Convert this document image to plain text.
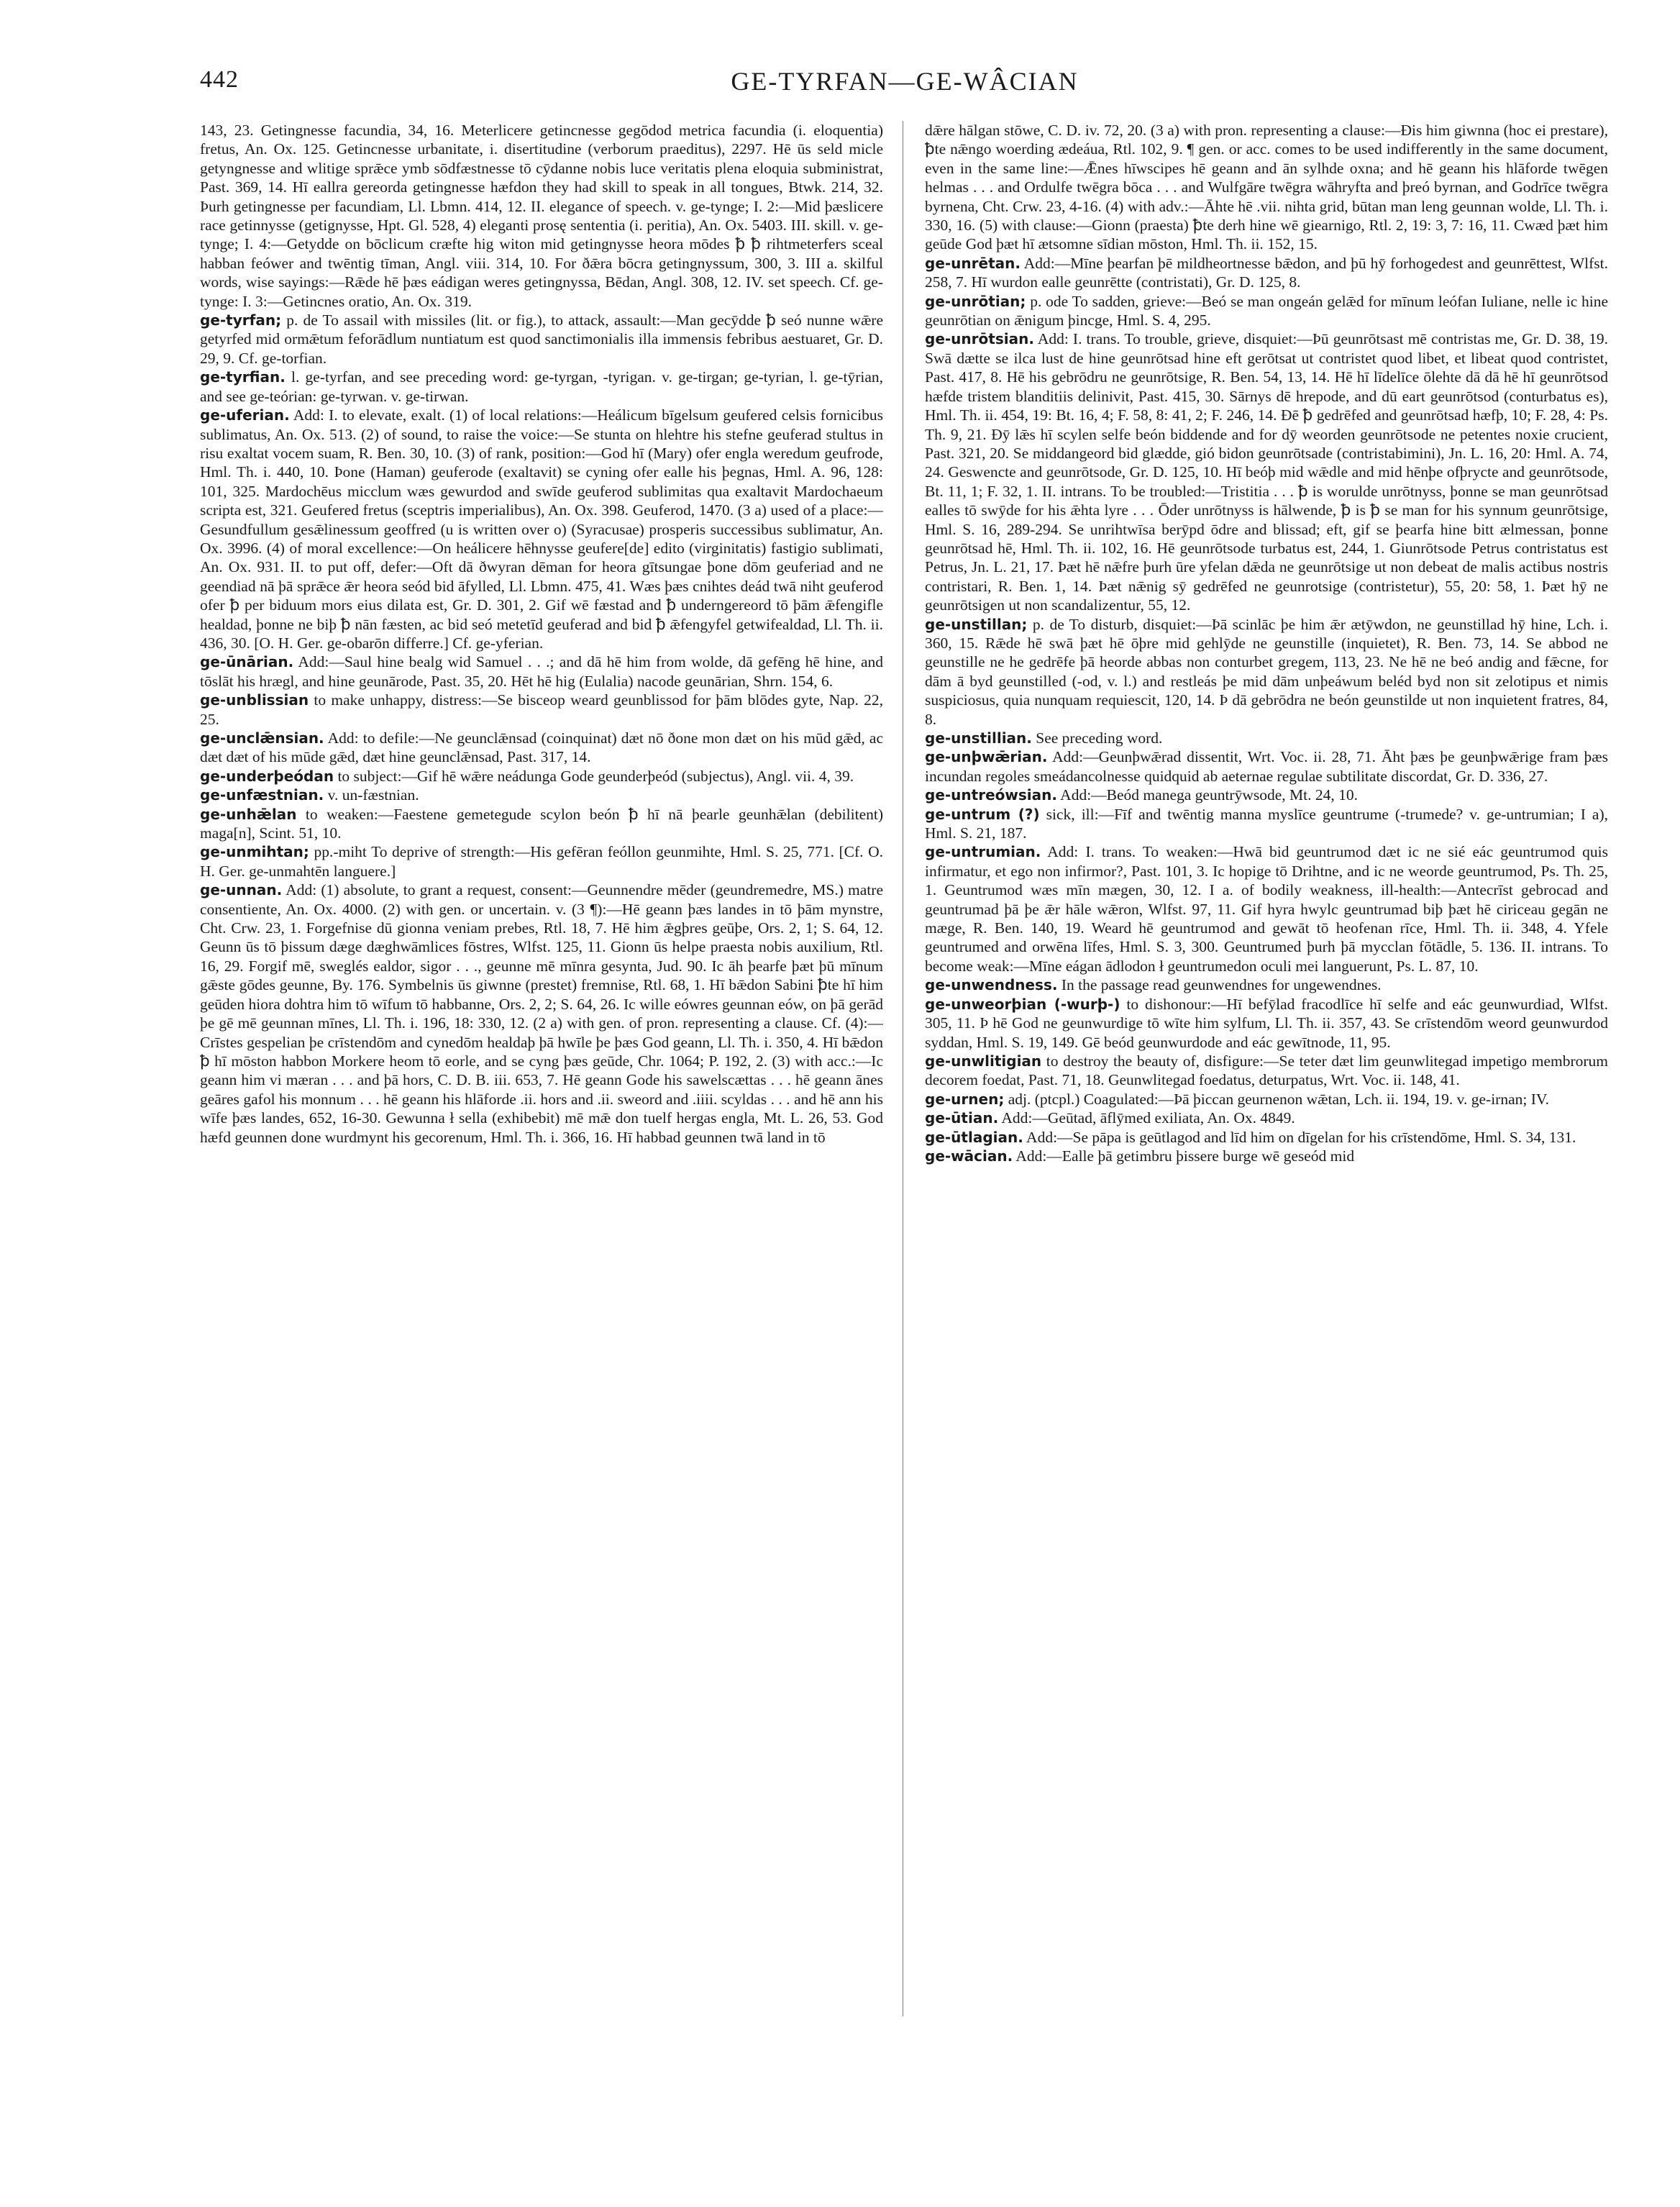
442	GE-TYRFAN—GE-WÂCIAN
143, 23. Getingnesse facundia, 34, 16. Meterlicere getincnesse gegōdod metrica facundia (i. eloquentia) fretus, An. Ox. 125. Getincnesse urbanitate, i. disertitudine (verborum praeditus), 2297. Hē ūs seld micle getyngnesse and wlitige sprǣce ymb sōdfæstnesse tō cȳdanne nobis luce veritatis plena eloquia subministrat, Past. 369, 14. Hī eallra gereorda getingnesse hæfdon they had skill to speak in all tongues, Btwk. 214, 32. Þurh getingnesse per facundiam, Ll. Lbmn. 414, 12. II. elegance of speech. v. ge-tynge; I. 2:—Mid þæslicere race getinnysse (getignysse, Hpt. Gl. 528, 4) eleganti prosę sententia (i. peritia), An. Ox. 5403. III. skill. v. ge-tynge; I. 4:—Getydde on bōclicum cræfte hig witon mid getingnysse heora mōdes ꝥ ꝥ rihtmeterfers sceal habban feówer and twēntig tīman, Angl. viii. 314, 10. For ðǣra bōcra getingnyssum, 300, 3. III a. skilful words, wise sayings:—Rǣde hē þæs eádigan weres getingnyssa, Bēdan, Angl. 308, 12. IV. set speech. Cf. ge-tynge: I. 3:—Getincnes oratio, An. Ox. 319.
ge-tyrfan; p. de To assail with missiles (lit. or fig.), to attack, assault:—Man gecȳdde ꝥ seó nunne wǣre getyrfed mid ormǣtum feforādlum nuntiatum est quod sanctimonialis illa immensis febribus aestuaret, Gr. D. 29, 9. Cf. ge-torfian.
ge-tyrfian. l. ge-tyrfan, and see preceding word: ge-tyrgan, -tyrigan. v. ge-tirgan; ge-tyrian, l. ge-tȳrian, and see ge-teórian: ge-tyrwan. v. ge-tirwan.
ge-uferian. Add: I. to elevate, exalt. (1) of local relations:—Heálicum bīgelsum geufered celsis fornicibus sublimatus, An. Ox. 513. (2) of sound, to raise the voice:—Se stunta on hlehtre his stefne geuferad stultus in risu exaltat vocem suam, R. Ben. 30, 10. (3) of rank, position:—God hī (Mary) ofer engla weredum geufrode, Hml. Th. i. 440, 10. Þone (Haman) geuferode (exaltavit) se cyning ofer ealle his þegnas, Hml. A. 96, 128: 101, 325. Mardochēus micclum wæs gewurdod and swīde geuferod sublimitas qua exaltavit Mardochaeum scripta est, 321. Geufered fretus (sceptris imperialibus), An. Ox. 398. Geuferod, 1470. (3 a) used of a place:—Gesundfullum gesǣlinessum geoffred (u is written over o) (Syracusae) prosperis successibus sublimatur, An. Ox. 3996. (4) of moral excellence:—On heálicere hēhnysse geufere[de] edito (virginitatis) fastigio sublimati, An. Ox. 931. II. to put off, defer:—Oft dā ðwyran dēman for heora gītsungae þone dōm geuferiad and ne geendiad nā þā sprǣce ǣr heora seód bid āfylled, Ll. Lbmn. 475, 41. Wæs þæs cnihtes deád twā niht geuferod ofer ꝥ per biduum mors eius dilata est, Gr. D. 301, 2. Gif wē fæstad and ꝥ underngereord tō þām ǣfengifle healdad, þonne ne biþ ꝥ nān fæsten, ac bid seó metetīd geuferad and bid ꝥ ǣfengyfel getwifealdad, Ll. Th. ii. 436, 30. [O. H. Ger. ge-obarōn differre.] Cf. ge-yferian.
ge-ūnārian. Add:—Saul hine bealg wid Samuel . . .; and dā hē him from wolde, dā gefēng hē hine, and tōslāt his hrægl, and hine geunārode, Past. 35, 20. Hēt hē hig (Eulalia) nacode geunārian, Shrn. 154, 6.
ge-unblissian to make unhappy, distress:—Se bisceop weard geunblissod for þām blōdes gyte, Nap. 22, 25.
ge-unclǣnsian. Add: to defile:—Ne geunclǣnsad (coinquinat) dæt nō ðone mon dæt on his mūd gǣd, ac dæt dæt of his mūde gǣd, dæt hine geunclǣnsad, Past. 317, 14.
ge-underþeódan to subject:—Gif hē wǣre neádunga Gode geunderþeód (subjectus), Angl. vii. 4, 39.
ge-unfæstnian. v. un-fæstnian.
ge-unhǣlan to weaken:—Faestene gemetegude scylon beón ꝥ hī nā þearle geunhǣlan (debilitent) maga[n], Scint. 51, 10.
ge-unmihtan; pp.-miht To deprive of strength:—His gefēran feóllon geunmihte, Hml. S. 25, 771. [Cf. O. H. Ger. ge-unmahtēn languere.]
ge-unnan. Add: (1) absolute, to grant a request, consent:—Geunnendre mēder (geundremedre, MS.) matre consentiente, An. Ox. 4000. (2) with gen. or uncertain. v. (3 ¶):—Hē geann þæs landes in tō þām mynstre, Cht. Crw. 23, 1. Forgefnise dū gionna veniam prebes, Rtl. 18, 7. Hē him ǣgþres geūþe, Ors. 2, 1; S. 64, 12. Geunn ūs tō þissum dæge dæghwāmlices fōstres, Wlfst. 125, 11. Gionn ūs helpe praesta nobis auxilium, Rtl. 16, 29. Forgif mē, sweglés ealdor, sigor . . ., geunne mē mīnra gesynta, Jud. 90. Ic āh þearfe þæt þū mīnum gǣste gōdes geunne, By. 176. Symbelnis ūs giwnne (prestet) fremnise, Rtl. 68, 1. Hī bǣdon Sabini ꝥte hī him geūden hiora dohtra him tō wīfum tō habbanne, Ors. 2, 2; S. 64, 26. Ic wille eówres geunnan eów, on þā gerād þe gē mē geunnan mīnes, Ll. Th. i. 196, 18: 330, 12. (2 a) with gen. of pron. representing a clause. Cf. (4):—Crīstes gespelian þe crīstendōm and cynedōm healdaþ þā hwīle þe þæs God geann, Ll. Th. i. 350, 4. Hī bǣdon ꝥ hī mōston habbon Morkere heom tō eorle, and se cyng þæs geūde, Chr. 1064; P. 192, 2. (3) with acc.:—Ic geann him vi mæran . . . and þā hors, C. D. B. iii. 653, 7. Hē geann Gode his sawelscættas . . . hē geann ānes geāres gafol his monnum . . . hē geann his hlāforde .ii. hors and .ii. sweord and .iiii. scyldas . . . and hē ann his wīfe þæs landes, 652, 16-30. Gewunna ł sella (exhibebit) mē mǣ don tuelf hergas engla, Mt. L. 26, 53. God hæfd geunnen done wurdmynt his gecorenum, Hml. Th. i. 366, 16. Hī habbad geunnen twā land in tō
dǣre hālgan stōwe, C. D. iv. 72, 20. (3 a) with pron. representing a clause:—Ðis him giwnna (hoc ei prestare), ꝥte nǣngo woerding ædeáua, Rtl. 102, 9. ¶ gen. or acc. comes to be used indifferently in the same document, even in the same line:—Ǣnes hīwscipes hē geann and ān sylhde oxna; and hē geann his hlāforde twēgen helmas . . . and Ordulfe twēgra bōca . . . and Wulfgāre twēgra wāhryfta and þreó byrnan, and Godrīce twēgra byrnena, Cht. Crw. 23, 4-16. (4) with adv.:—Āhte hē .vii. nihta grid, būtan man leng geunnan wolde, Ll. Th. i. 330, 16. (5) with clause:—Gionn (praesta) ꝥte derh hine wē giearnigo, Rtl. 2, 19: 3, 7: 16, 11. Cwæd þæt him geūde God þæt hī ætsomne sīdian mōston, Hml. Th. ii. 152, 15.
ge-unrētan. Add:—Mīne þearfan þē mildheortnesse bǣdon, and þū hȳ forhogedest and geunrēttest, Wlfst. 258, 7. Hī wurdon ealle geunrētte (contristati), Gr. D. 125, 8.
ge-unrōtian; p. ode To sadden, grieve:—Beó se man ongeán gelǣd for mīnum leófan Iuliane, nelle ic hine geunrōtian on ǣnigum þincge, Hml. S. 4, 295.
ge-unrōtsian. Add: I. trans. To trouble, grieve, disquiet:—Þū geunrōtsast mē contristas me, Gr. D. 38, 19. Swā dætte se ilca lust de hine geunrōtsad hine eft gerōtsat ut contristet quod libet, et libeat quod contristet, Past. 417, 8. Hē his gebrōdru ne geunrōtsige, R. Ben. 54, 13, 14. Hē hī līdelīce ōlehte dā dā hē hī geunrōtsod hæfde tristem blanditiis delinivit, Past. 415, 30. Sārnys dē hrepode, and dū eart geunrōtsod (conturbatus es), Hml. Th. ii. 454, 19: Bt. 16, 4; F. 58, 8: 41, 2; F. 246, 14. Ðē ꝥ gedrēfed and geunrōtsad hæfþ, 10; F. 28, 4: Ps. Th. 9, 21. Ðȳ lǣs hī scylen selfe beón biddende and for dȳ weorden geunrōtsode ne petentes noxie crucient, Past. 321, 20. Se middangeord bid glædde, gió bidon geunrōtsade (contristabimini), Jn. L. 16, 20: Hml. A. 74, 24. Geswencte and geunrōtsode, Gr. D. 125, 10. Hī beóþ mid wǣdle and mid hēnþe ofþrycte and geunrōtsode, Bt. 11, 1; F. 32, 1. II. intrans. To be troubled:—Tristitia . . . ꝥ is worulde unrōtnyss, þonne se man geunrōtsad ealles tō swȳde for his ǣhta lyre . . . Ōder unrōtnyss is hālwende, ꝥ is ꝥ se man for his synnum geunrōtsige, Hml. S. 16, 289-294. Se unrihtwīsa berȳpd ōdre and blissad; eft, gif se þearfa hine bitt ælmessan, þonne geunrōtsad hē, Hml. Th. ii. 102, 16. Hē geunrōtsode turbatus est, 244, 1. Giunrōtsode Petrus contristatus est Petrus, Jn. L. 21, 17. Þæt hē nǣfre þurh ūre yfelan dǣda ne geunrōtsige ut non debeat de malis actibus nostris contristari, R. Ben. 1, 14. Þæt nǣnig sȳ gedrēfed ne geunrotsige (contristetur), 55, 20: 58, 1. Þæt hȳ ne geunrōtsigen ut non scandalizentur, 55, 12.
ge-unstillan; p. de To disturb, disquiet:—Þā scinlāc þe him ǣr ætȳwdon, ne geunstillad hȳ hine, Lch. i. 360, 15. Rǣde hē swā þæt hē ōþre mid gehlȳde ne geunstille (inquietet), R. Ben. 73, 14. Se abbod ne geunstille ne he gedrēfe þā heorde abbas non conturbet gregem, 113, 23. Ne hē ne beó andig and fǣcne, for dām ā byd geunstilled (-od, v. l.) and restleás þe mid dām unþeáwum beléd byd non sit zelotipus et nimis suspiciosus, quia nunquam requiescit, 120, 14. Þ dā gebrōdra ne beón geunstilde ut non inquietent fratres, 84, 8.
ge-unstillian. See preceding word.
ge-unþwǣrian. Add:—Geunþwǣrad dissentit, Wrt. Voc. ii. 28, 71. Āht þæs þe geunþwǣrige fram þæs incundan regoles smeádancolnesse quidquid ab aeternae regulae subtilitate discordat, Gr. D. 336, 27.
ge-untreówsian. Add:—Beód manega geuntrȳwsode, Mt. 24, 10.
ge-untrum (?) sick, ill:—Fīf and twēntig manna myslīce geuntrume (-trumede? v. ge-untrumian; I a), Hml. S. 21, 187.
ge-untrumian. Add: I. trans. To weaken:—Hwā bid geuntrumod dæt ic ne sié eác geuntrumod quis infirmatur, et ego non infirmor?, Past. 101, 3. Ic hopige tō Drihtne, and ic ne weorde geuntrumod, Ps. Th. 25, 1. Geuntrumod wæs mīn mægen, 30, 12. I a. of bodily weakness, ill-health:—Antecrīst gebrocad and geuntrumad þā þe ǣr hāle wǣron, Wlfst. 97, 11. Gif hyra hwylc geuntrumad biþ þæt hē ciriceau gegān ne mæge, R. Ben. 140, 19. Weard hē geuntrumod and gewāt tō heofenan rīce, Hml. Th. ii. 348, 4. Yfele geuntrumed and orwēna līfes, Hml. S. 3, 300. Geuntrumed þurh þā mycclan fōtādle, 5. 136. II. intrans. To become weak:—Mīne eágan ādlodon ł geuntrumedon oculi mei languerunt, Ps. L. 87, 10.
ge-unwendness. In the passage read geunwendnes for ungewendnes.
ge-unweorþian (-wurþ-) to dishonour:—Hī befȳlad fracodlīce hī selfe and eác geunwurdiad, Wlfst. 305, 11. Þ hē God ne geunwurdige tō wīte him sylfum, Ll. Th. ii. 357, 43. Se crīstendōm weord geunwurdod syddan, Hml. S. 19, 149. Gē beód geunwurdode and eác gewītnode, 11, 95.
ge-unwlitigian to destroy the beauty of, disfigure:—Se teter dæt lim geunwlitegad impetigo membrorum decorem foedat, Past. 71, 18. Geunwlitegad foedatus, deturpatus, Wrt. Voc. ii. 148, 41.
ge-urnen; adj. (ptcpl.) Coagulated:—Þā þiccan geurnenon wǣtan, Lch. ii. 194, 19. v. ge-irnan; IV.
ge-ūtian. Add:—Geūtad, āflȳmed exiliata, An. Ox. 4849.
ge-ūtlagian. Add:—Se pāpa is geūtlagod and līd him on dīgelan for his crīstendōme, Hml. S. 34, 131.
ge-wācian. Add:—Ealle þā getimbru þissere burge wē geseód mid
